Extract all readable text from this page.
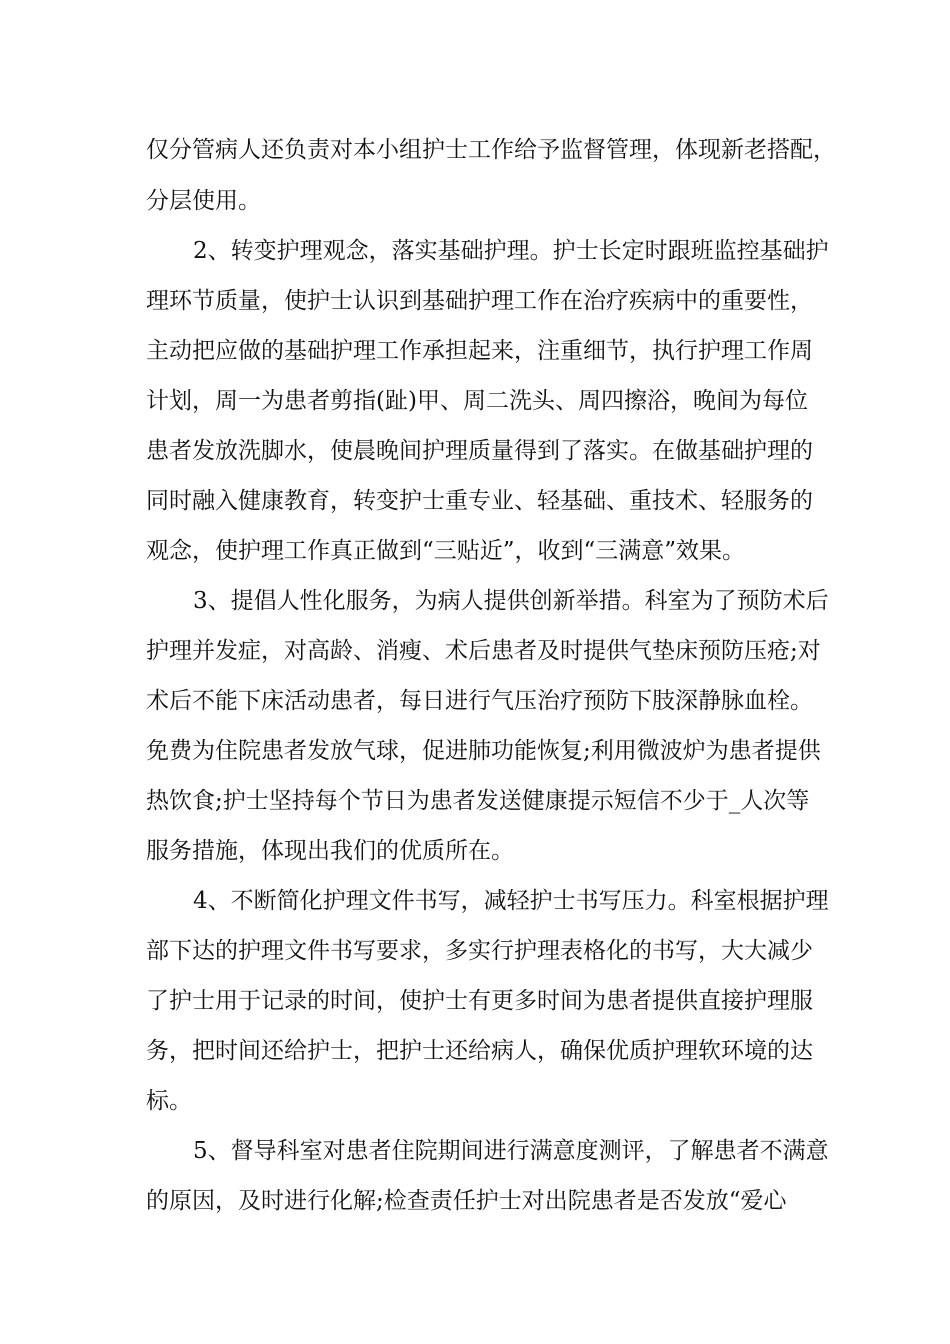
仅分管病人还负责对本小组护士工作给予监督管理，体现新老搭配，
分层使用。
2、转变护理观念，落实基础护理。护士长定时跟班监控基础护
理环节质量，使护士认识到基础护理工作在治疗疾病中的重要性，
主动把应做的基础护理工作承担起来，注重细节，执行护理工作周
计划，周一为患者剪指(趾)甲、周二洗头、周四擦浴，晚间为每位
患者发放洗脚水，使晨晚间护理质量得到了落实。在做基础护理的
同时融入健康教育，转变护士重专业、轻基础、重技术、轻服务的
观念，使护理工作真正做到“三贴近”，收到“三满意”效果。
3、提倡人性化服务，为病人提供创新举措。科室为了预防术后
护理并发症，对高龄、消瘦、术后患者及时提供气垫床预防压疮;对
术后不能下床活动患者，每日进行气压治疗预防下肢深静脉血栓。
免费为住院患者发放气球，促进肺功能恢复;利用微波炉为患者提供
热饮食;护士坚持每个节日为患者发送健康提示短信不少于_人次等
服务措施，体现出我们的优质所在。
4、不断简化护理文件书写，减轻护士书写压力。科室根据护理
部下达的护理文件书写要求，多实行护理表格化的书写，大大减少
了护士用于记录的时间，使护士有更多时间为患者提供直接护理服
务，把时间还给护士，把护士还给病人，确保优质护理软环境的达
标。
5、督导科室对患者住院期间进行满意度测评，了解患者不满意
的原因，及时进行化解;检查责任护士对出院患者是否发放“爱心
